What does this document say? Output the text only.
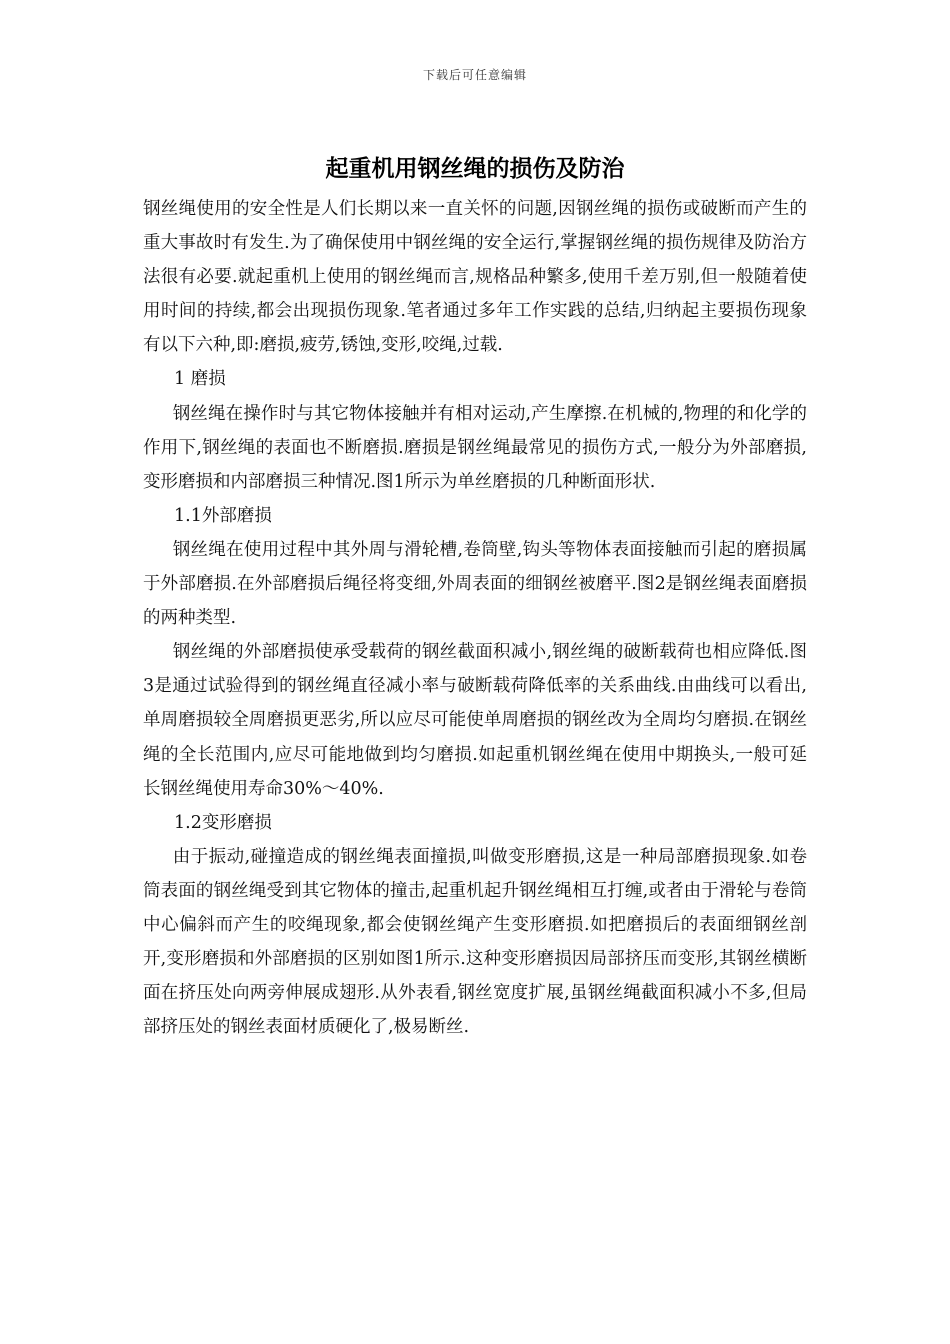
下载后可任意编辑
起重机用钢丝绳的损伤及防治

钢丝绳使用的安全性是人们长期以来一直关怀的问题,因钢丝绳的损伤或破断而产生的重大事故时有发生.为了确保使用中钢丝绳的安全运行,掌握钢丝绳的损伤规律及防治方法很有必要.就起重机上使用的钢丝绳而言,规格品种繁多,使用千差万别,但一般随着使用时间的持续,都会出现损伤现象.笔者通过多年工作实践的总结,归纳起主要损伤现象有以下六种,即:磨损,疲劳,锈蚀,变形,咬绳,过载.

1 磨损

钢丝绳在操作时与其它物体接触并有相对运动,产生摩擦.在机械的,物理的和化学的作用下,钢丝绳的表面也不断磨损.磨损是钢丝绳最常见的损伤方式,一般分为外部磨损,变形磨损和内部磨损三种情况.图1所示为单丝磨损的几种断面形状.

1.1外部磨损

钢丝绳在使用过程中其外周与滑轮槽,卷筒壁,钩头等物体表面接触而引起的磨损属于外部磨损.在外部磨损后绳径将变细,外周表面的细钢丝被磨平.图2是钢丝绳表面磨损的两种类型.

钢丝绳的外部磨损使承受载荷的钢丝截面积减小,钢丝绳的破断载荷也相应降低.图3是通过试验得到的钢丝绳直径减小率与破断载荷降低率的关系曲线.由曲线可以看出,单周磨损较全周磨损更恶劣,所以应尽可能使单周磨损的钢丝改为全周均匀磨损.在钢丝绳的全长范围内,应尽可能地做到均匀磨损.如起重机钢丝绳在使用中期换头,一般可延长钢丝绳使用寿命30%～40%.

1.2变形磨损

由于振动,碰撞造成的钢丝绳表面撞损,叫做变形磨损,这是一种局部磨损现象.如卷筒表面的钢丝绳受到其它物体的撞击,起重机起升钢丝绳相互打缠,或者由于滑轮与卷筒中心偏斜而产生的咬绳现象,都会使钢丝绳产生变形磨损.如把磨损后的表面细钢丝剖开,变形磨损和外部磨损的区别如图1所示.这种变形磨损因局部挤压而变形,其钢丝横断面在挤压处向两旁伸展成翅形.从外表看,钢丝宽度扩展,虽钢丝绳截面积减小不多,但局部挤压处的钢丝表面材质硬化了,极易断丝.
